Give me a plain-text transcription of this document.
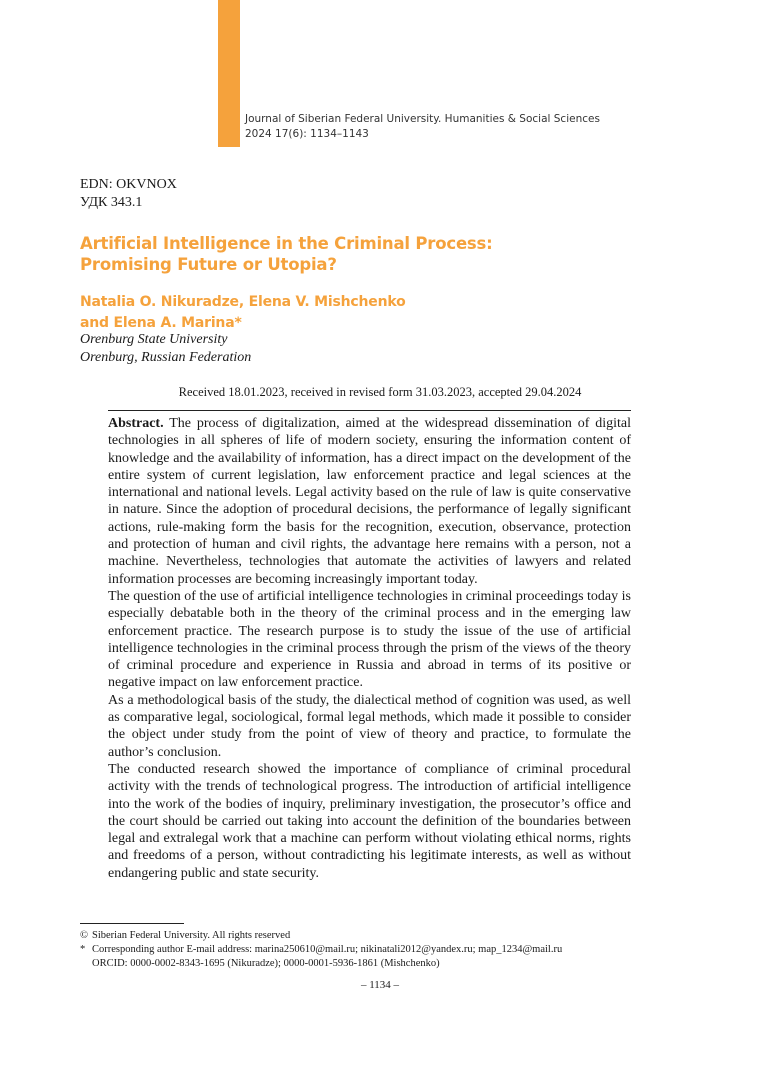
Journal of Siberian Federal University. Humanities & Social Sciences
2024 17(6): 1134–1143
EDN: OKVNOX
УДК 343.1
Artificial Intelligence in the Criminal Process:
Promising Future or Utopia?
Natalia O. Nikuradze, Elena V. Mishchenko
and Elena A. Marina*
Orenburg State University
Orenburg, Russian Federation
Received 18.01.2023, received in revised form 31.03.2023, accepted 29.04.2024

Abstract. The process of digitalization, aimed at the widespread dissemination of digital technologies in all spheres of life of modern society, ensuring the information content of knowledge and the availability of information, has a direct impact on the development of the entire system of current legislation, law enforcement practice and legal sciences at the international and national levels. Legal activity based on the rule of law is quite conservative in nature. Since the adoption of procedural decisions, the performance of legally significant actions, rule-making form the basis for the recognition, execution, observance, protection and protection of human and civil rights, the advantage here remains with a person, not a machine. Nevertheless, technologies that automate the activities of lawyers and related information processes are becoming increasingly important today.

The question of the use of artificial intelligence technologies in criminal proceedings today is especially debatable both in the theory of the criminal process and in the emerging law enforcement practice. The research purpose is to study the issue of the use of artificial intelligence technologies in the criminal process through the prism of the views of the theory of criminal procedure and experience in Russia and abroad in terms of its positive or negative impact on law enforcement practice.

As a methodological basis of the study, the dialectical method of cognition was used, as well as comparative legal, sociological, formal legal methods, which made it possible to consider the object under study from the point of view of theory and practice, to formulate the author’s conclusion.

The conducted research showed the importance of compliance of criminal procedural activity with the trends of technological progress. The introduction of artificial intelligence into the work of the bodies of inquiry, preliminary investigation, the prosecutor’s office and the court should be carried out taking into account the definition of the boundaries between legal and extralegal work that a machine can perform without violating ethical norms, rights and freedoms of a person, without contradicting his legitimate interests, as well as without endangering public and state security.

© Siberian Federal University. All rights reserved
* Corresponding author E-mail address: marina250610@mail.ru; nikinatali2012@yandex.ru; map_1234@mail.ru
ORCID: 0000-0002-8343-1695 (Nikuradze); 0000-0001-5936-1861 (Mishchenko)
– 1134 –
